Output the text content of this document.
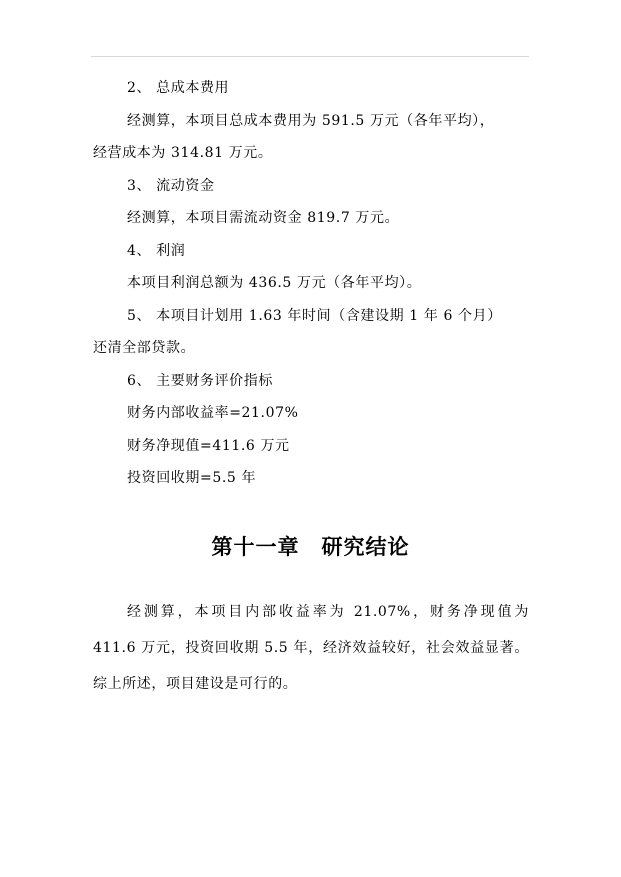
2、 总成本费用

经测算，本项目总成本费用为 591.5 万元（各年平均），

经营成本为 314.81 万元。

3、 流动资金

经测算，本项目需流动资金 819.7 万元。

4、 利润

本项目利润总额为 436.5 万元（各年平均）。

5、 本项目计划用 1.63 年时间（含建设期 1 年 6 个月）

还清全部贷款。

6、 主要财务评价指标

财务内部收益率=21.07%

财务净现值=411.6 万元

投资回收期=5.5 年

第十一章　研究结论

经测算，本项目内部收益率为 21.07%，财务净现值为 411.6 万元，投资回收期 5.5 年，经济效益较好，社会效益显著。综上所述，项目建设是可行的。
